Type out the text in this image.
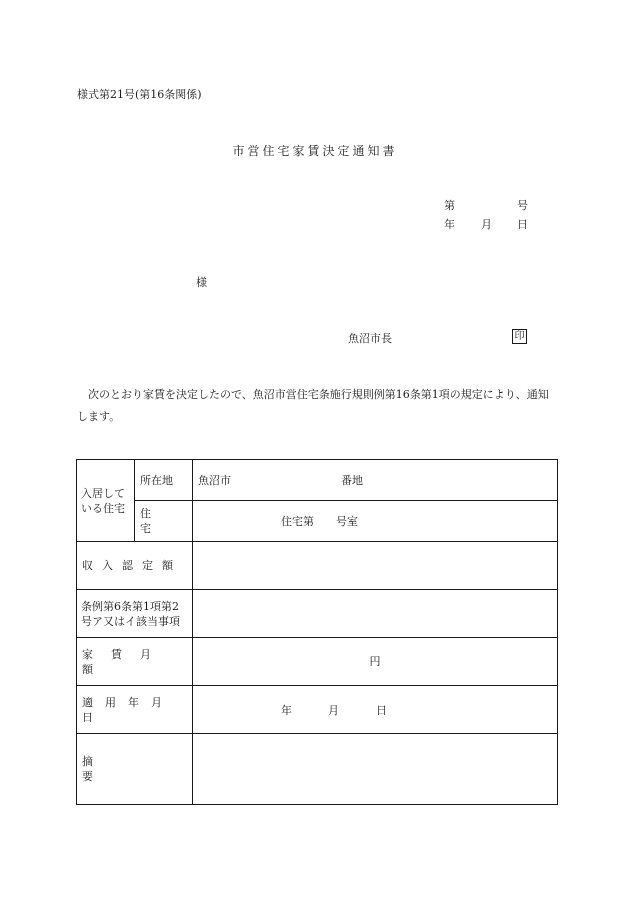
様式第21号(第16条関係)
市営住宅家賃決定通知書
第	号
年 月 日
様
魚沼市長	印
次のとおり家賃を決定したので、魚沼市営住宅条施行規則例第16条第1項の規定により、通知します。
入居している住宅	所在地	魚沼市 番地

	住宅	住宅第　　号室

収入認定額		
条例第6条第1項第2号ア又はイ該当事項		
家賃月額		円
適用年月日		年 月 日

摘要		
